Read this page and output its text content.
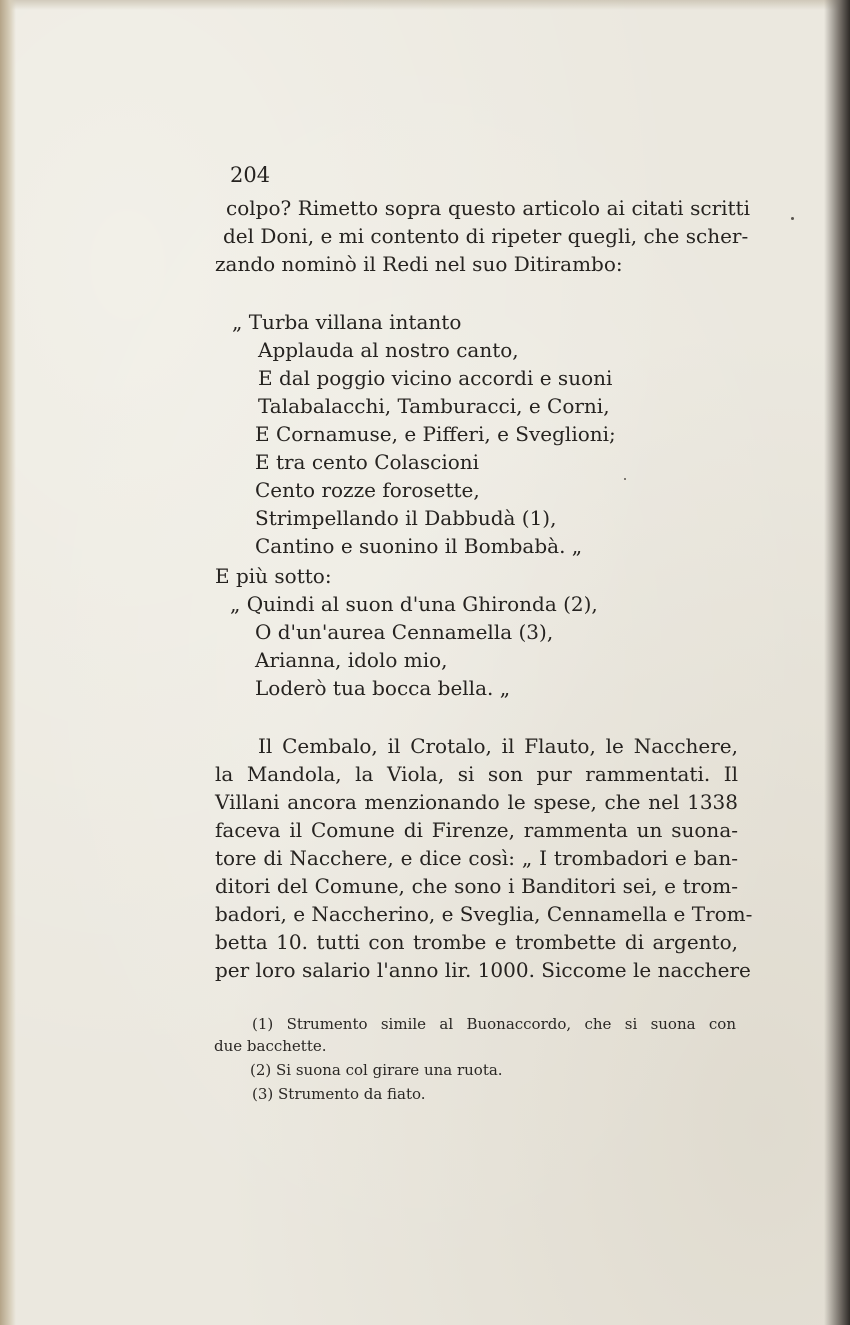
204
colpo? Rimetto sopra questo articolo ai citati scritti
del Doni, e mi contento di ripeter quegli, che scher-
zando nominò il Redi nel suo Ditirambo:
„ Turba villana intanto
Applauda al nostro canto,
E dal poggio vicino accordi e suoni
Talabalacchi, Tamburacci, e Corni,
E Cornamuse, e Pifferi, e Sveglioni;
E tra cento Colascioni
Cento rozze forosette,
Strimpellando il Dabbudà (1),
Cantino e suonino il Bombabà. „
E più sotto:
„ Quindi al suon d'una Ghironda (2),
O d'un'aurea Cennamella (3),
Arianna, idolo mio,
Loderò tua bocca bella. „
Il Cembalo, il Crotalo, il Flauto, le Nacchere,
la Mandola, la Viola, si son pur rammentati. Il
Villani ancora menzionando le spese, che nel 1338
faceva il Comune di Firenze, rammenta un suona-
tore di Nacchere, e dice così: „ I trombadori e ban-
ditori del Comune, che sono i Banditori sei, e trom-
badori, e Naccherino, e Sveglia, Cennamella e Trom-
betta 10. tutti con trombe e trombette di argento,
per loro salario l'anno lir. 1000. Siccome le nacchere
(1) Strumento simile al Buonaccordo, che si suona con
due bacchette.
(2) Si suona col girare una ruota.
(3) Strumento da fiato.
